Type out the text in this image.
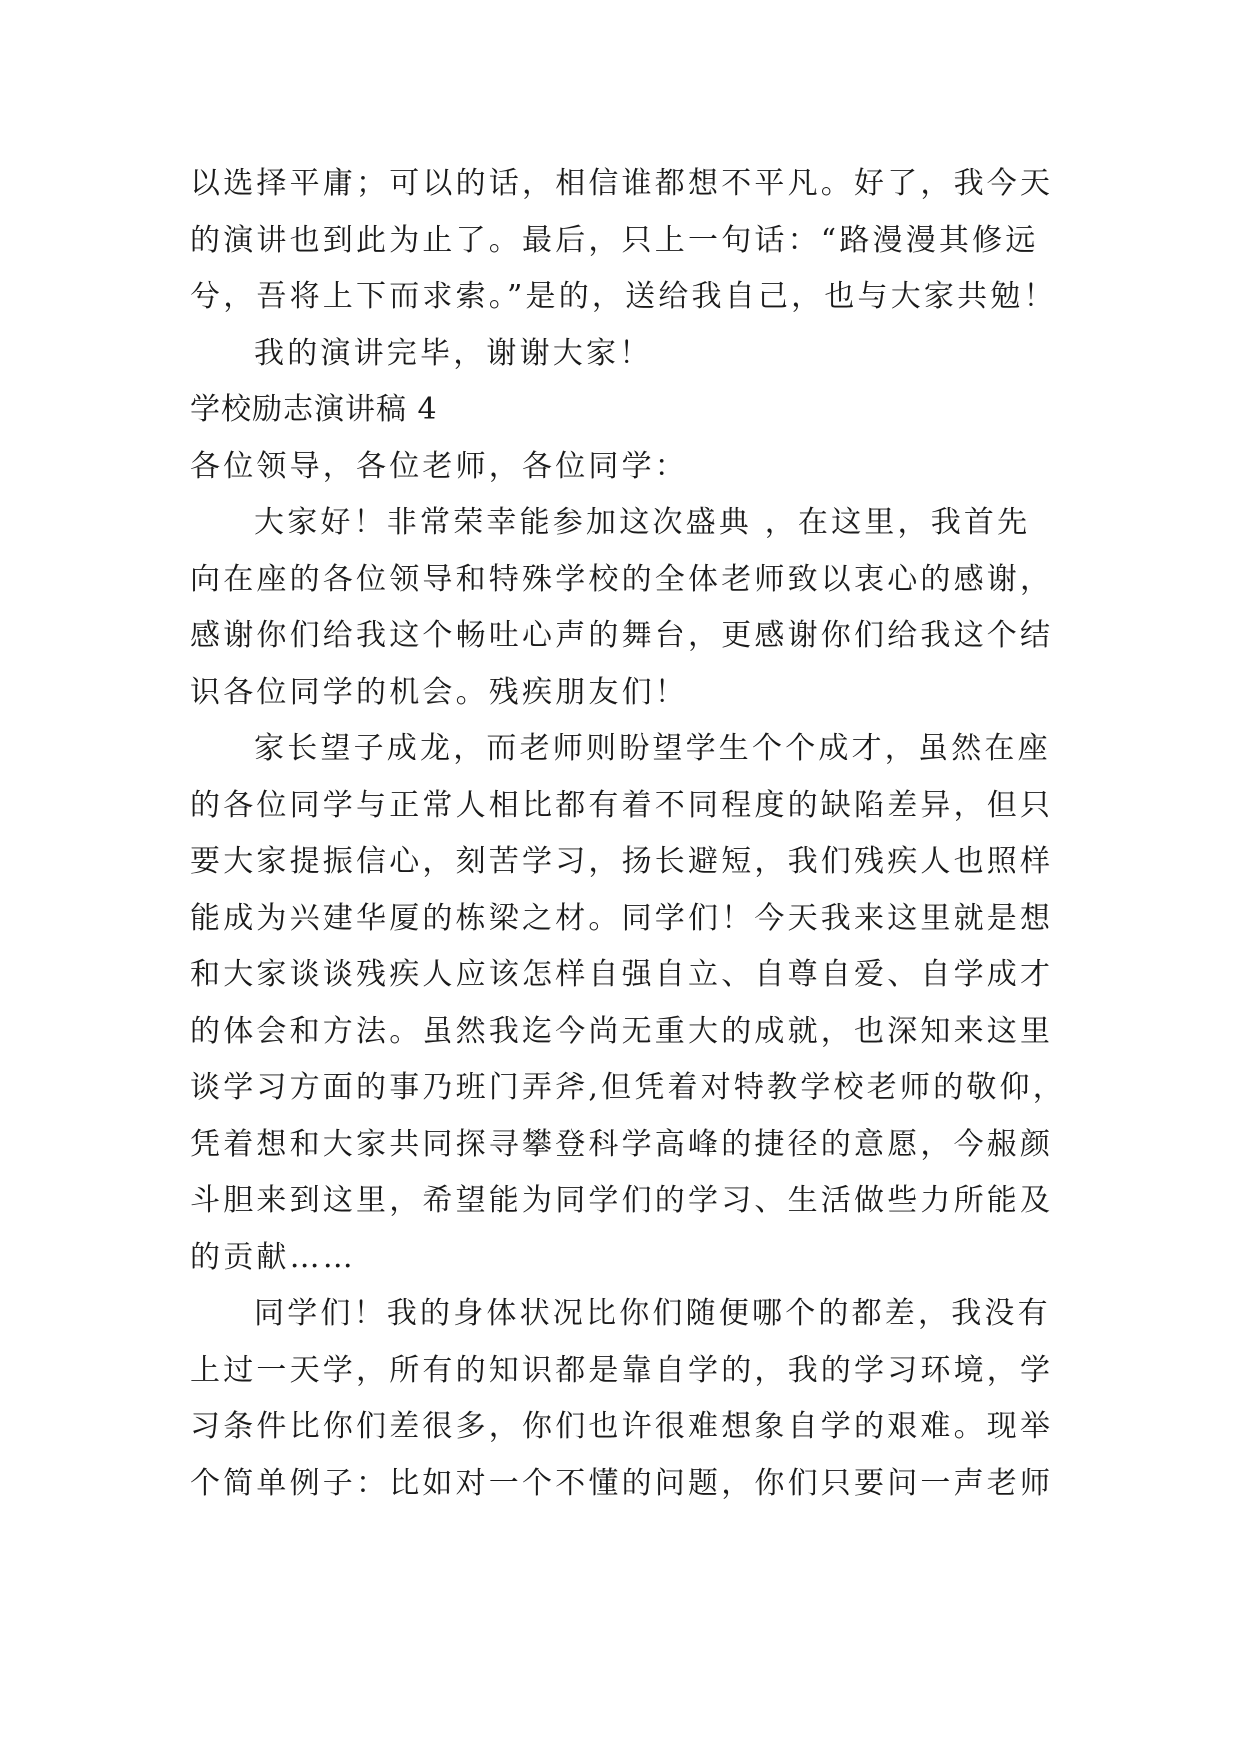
以选择平庸；可以的话，相信谁都想不平凡。好了，我今天
的演讲也到此为止了。最后，只上一句话：“路漫漫其修远
兮，吾将上下而求索。”是的，送给我自己，也与大家共勉！
我的演讲完毕，谢谢大家！
学校励志演讲稿 4
各位领导，各位老师，各位同学：
大家好！非常荣幸能参加这次盛典 ，在这里，我首先
向在座的各位领导和特殊学校的全体老师致以衷心的感谢，
感谢你们给我这个畅吐心声的舞台，更感谢你们给我这个结
识各位同学的机会。残疾朋友们！
家长望子成龙，而老师则盼望学生个个成才，虽然在座
的各位同学与正常人相比都有着不同程度的缺陷差异，但只
要大家提振信心，刻苦学习，扬长避短，我们残疾人也照样
能成为兴建华厦的栋梁之材。同学们！今天我来这里就是想
和大家谈谈残疾人应该怎样自强自立、自尊自爱、自学成才
的体会和方法。虽然我迄今尚无重大的成就，也深知来这里
谈学习方面的事乃班门弄斧,但凭着对特教学校老师的敬仰，
凭着想和大家共同探寻攀登科学高峰的捷径的意愿，今赧颜
斗胆来到这里，希望能为同学们的学习、生活做些力所能及
的贡献……
同学们！我的身体状况比你们随便哪个的都差，我没有
上过一天学，所有的知识都是靠自学的，我的学习环境，学
习条件比你们差很多，你们也许很难想象自学的艰难。现举
个简单例子：比如对一个不懂的问题，你们只要问一声老师
